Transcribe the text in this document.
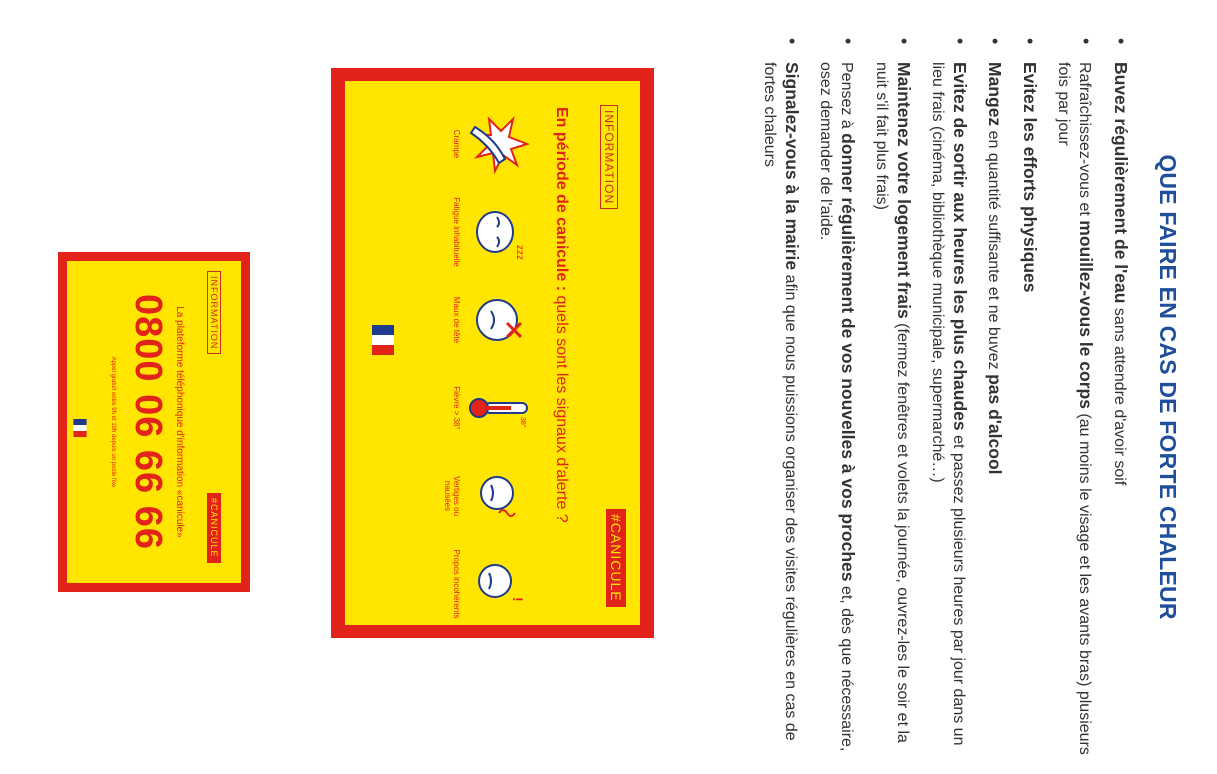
QUE FAIRE EN CAS DE FORTE CHALEUR
• Buvez régulièrement de l'eau sans attendre d'avoir soif
• Rafraîchissez-vous et mouillez-vous le corps (au moins le visage et les avants bras) plusieurs fois par jour
• Evitez les efforts physiques
• Mangez en quantité suffisante et ne buvez pas d'alcool
• Evitez de sortir aux heures les plus chaudes et passez plusieurs heures par jour dans un lieu frais (cinéma, bibliothèque municipale, supermarché…)
• Maintenez votre logement frais (fermez fenêtres et volets la journée, ouvrez-les le soir et la nuit s'il fait plus frais)
• Pensez à donner régulièrement de vos nouvelles à vos proches et, dès que nécessaire, osez demander de l'aide.
• Signalez-vous à la mairie afin que nous puissions organiser des visites régulières en cas de fortes chaleurs
INFORMATION
#CANICULE
En période de canicule : quels sont les signaux d'alerte ?
Crampe
zzz
Fatigue inhabituelle
Maux de tête
38°
Fièvre > 38°
Vertiges ou nausées
!
Propos incohérents
INFORMATION
#CANICULE
La plateforme téléphonique d'information «canicule»
0800 06 66 66
Appel gratuit entre 9h et 19h depuis un poste fixe
